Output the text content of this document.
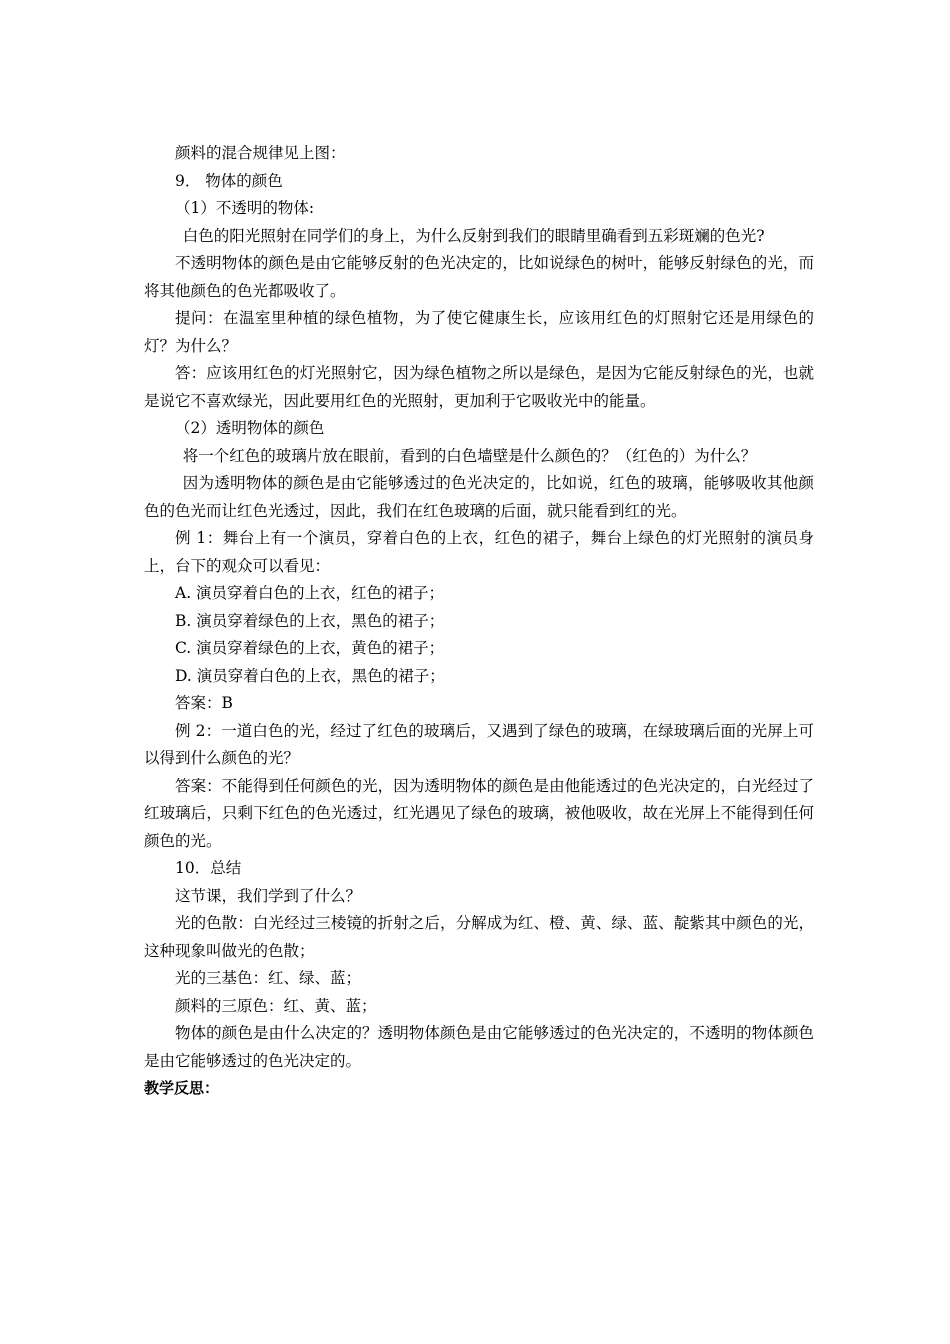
颜料的混合规律见上图：

9． 物体的颜色

（1）不透明的物体:

白色的阳光照射在同学们的身上，为什么反射到我们的眼睛里确看到五彩斑斓的色光?

不透明物体的颜色是由它能够反射的色光决定的，比如说绿色的树叶，能够反射绿色的光，而将其他颜色的色光都吸收了。

提问：在温室里种植的绿色植物，为了使它健康生长，应该用红色的灯照射它还是用绿色的灯？为什么？

答：应该用红色的灯光照射它，因为绿色植物之所以是绿色，是因为它能反射绿色的光，也就是说它不喜欢绿光，因此要用红色的光照射，更加利于它吸收光中的能量。

（2）透明物体的颜色

将一个红色的玻璃片放在眼前，看到的白色墙壁是什么颜色的？（红色的）为什么？

因为透明物体的颜色是由它能够透过的色光决定的，比如说，红色的玻璃，能够吸收其他颜色的色光而让红色光透过，因此，我们在红色玻璃的后面，就只能看到红的光。

例 1：舞台上有一个演员，穿着白色的上衣，红色的裙子，舞台上绿色的灯光照射的演员身上，台下的观众可以看见：

A. 演员穿着白色的上衣，红色的裙子；

B. 演员穿着绿色的上衣，黑色的裙子；

C. 演员穿着绿色的上衣，黄色的裙子；

D. 演员穿着白色的上衣，黑色的裙子；

答案：B

例 2：一道白色的光，经过了红色的玻璃后，又遇到了绿色的玻璃，在绿玻璃后面的光屏上可以得到什么颜色的光？

答案：不能得到任何颜色的光，因为透明物体的颜色是由他能透过的色光决定的，白光经过了红玻璃后，只剩下红色的色光透过，红光遇见了绿色的玻璃，被他吸收，故在光屏上不能得到任何颜色的光。

10．总结

这节课，我们学到了什么？

光的色散：白光经过三棱镜的折射之后，分解成为红、橙、黄、绿、蓝、靛紫其中颜色的光，这种现象叫做光的色散；

光的三基色：红、绿、蓝；

颜料的三原色：红、黄、蓝；

物体的颜色是由什么决定的？透明物体颜色是由它能够透过的色光决定的，不透明的物体颜色是由它能够透过的色光决定的。

教学反思：
